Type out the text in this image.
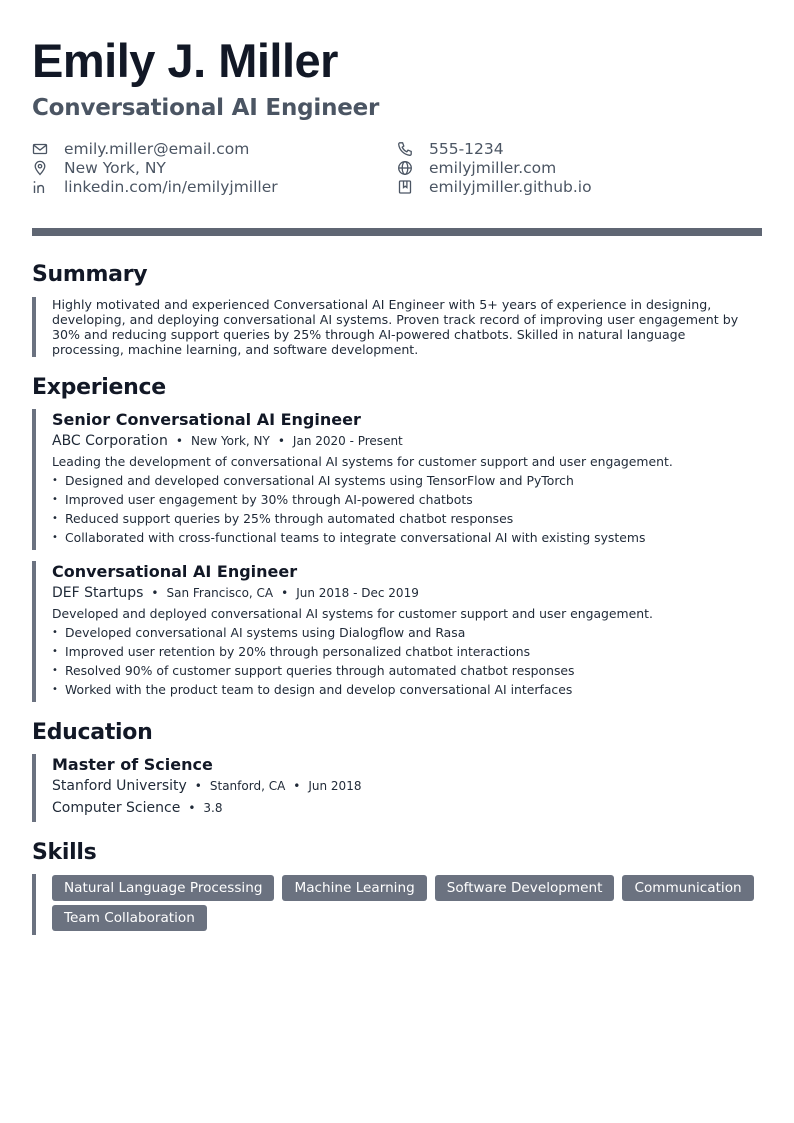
Emily J. Miller
Conversational AI Engineer
emily.miller@email.com
New York, NY
linkedin.com/in/emilyjmiller
555-1234
emilyjmiller.com
emilyjmiller.github.io
Summary

Highly motivated and experienced Conversational AI Engineer with 5+ years of experience in designing, developing, and deploying conversational AI systems. Proven track record of improving user engagement by 30% and reducing support queries by 25% through AI-powered chatbots. Skilled in natural language processing, machine learning, and software development.

Experience
Senior Conversational AI Engineer
ABC Corporation • New York, NY • Jan 2020 - Present
Leading the development of conversational AI systems for customer support and user engagement.
• Designed and developed conversational AI systems using TensorFlow and PyTorch
• Improved user engagement by 30% through AI-powered chatbots
• Reduced support queries by 25% through automated chatbot responses
• Collaborated with cross-functional teams to integrate conversational AI with existing systems
Conversational AI Engineer
DEF Startups • San Francisco, CA • Jun 2018 - Dec 2019
Developed and deployed conversational AI systems for customer support and user engagement.
• Developed conversational AI systems using Dialogflow and Rasa
• Improved user retention by 20% through personalized chatbot interactions
• Resolved 90% of customer support queries through automated chatbot responses
• Worked with the product team to design and develop conversational AI interfaces
Education
Master of Science
Stanford University • Stanford, CA • Jun 2018
Computer Science • 3.8
Skills
Natural Language Processing	Machine Learning	Software Development	Communication
Team Collaboration
